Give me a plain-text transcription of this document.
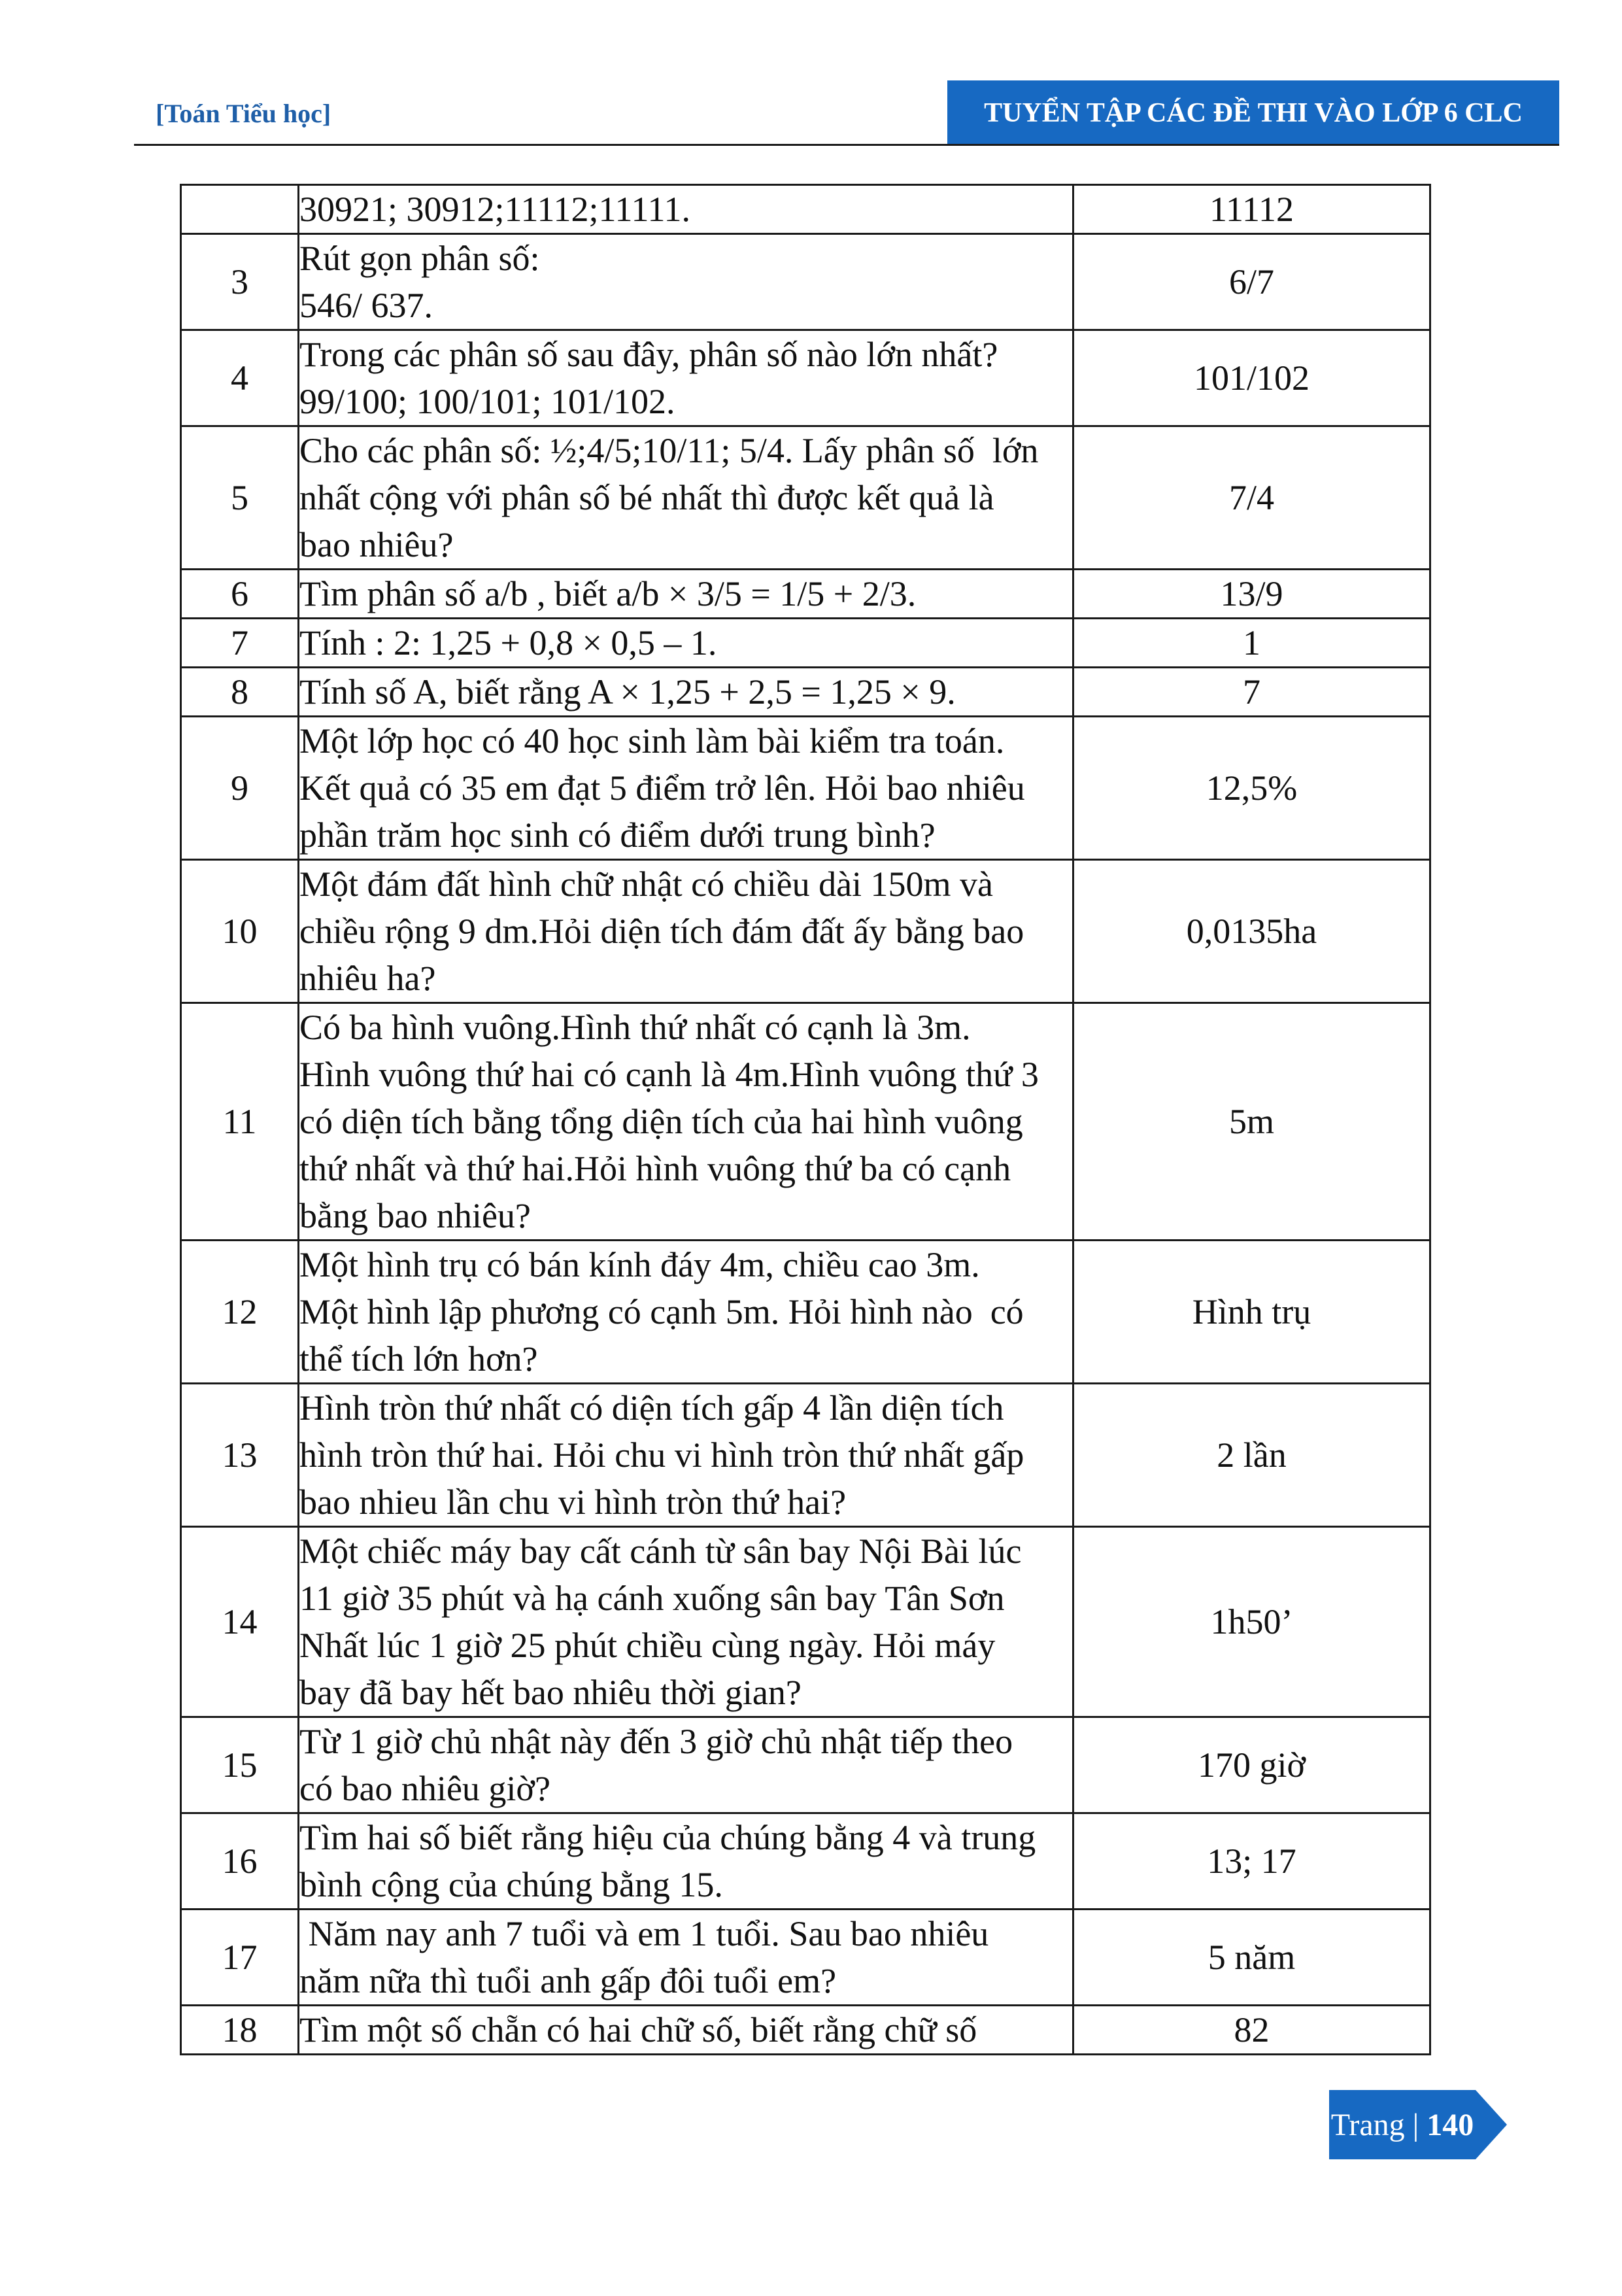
[Toán Tiểu học]	TUYỂN TẬP CÁC ĐỀ THI VÀO LỚP 6 CLC

	30921; 30912;11112;11111.	11112
3	Rút gọn phân số:
546/ 637.	6/7
4	Trong các phân số sau đây, phân số nào lớn nhất?
99/100; 100/101; 101/102.	101/102
5	Cho các phân số: ½;4/5;10/11; 5/4. Lấy phân số  lớn
nhất cộng với phân số bé nhất thì được kết quả là
bao nhiêu?	7/4
6	Tìm phân số a/b , biết a/b × 3/5 = 1/5 + 2/3.	13/9
7	Tính : 2: 1,25 + 0,8 × 0,5 – 1.	1
8	Tính số A, biết rằng A × 1,25 + 2,5 = 1,25 × 9.	7
9	Một lớp học có 40 học sinh làm bài kiểm tra toán.
Kết quả có 35 em đạt 5 điểm trở lên. Hỏi bao nhiêu
phần trăm học sinh có điểm dưới trung bình?	12,5%
10	Một đám đất hình chữ nhật có chiều dài 150m và
chiều rộng 9 dm.Hỏi diện tích đám đất ấy bằng bao
nhiêu ha?	0,0135ha
11	Có ba hình vuông.Hình thứ nhất có cạnh là 3m.
Hình vuông thứ hai có cạnh là 4m.Hình vuông thứ 3
có diện tích bằng tổng diện tích của hai hình vuông
thứ nhất và thứ hai.Hỏi hình vuông thứ ba có cạnh
bằng bao nhiêu?	5m
12	Một hình trụ có bán kính đáy 4m, chiều cao 3m.
Một hình lập phương có cạnh 5m. Hỏi hình nào  có
thể tích lớn hơn?	Hình trụ
13	Hình tròn thứ nhất có diện tích gấp 4 lần diện tích
hình tròn thứ hai. Hỏi chu vi hình tròn thứ nhất gấp
bao nhieu lần chu vi hình tròn thứ hai?	2 lần
14	Một chiếc máy bay cất cánh từ sân bay Nội Bài lúc
11 giờ 35 phút và hạ cánh xuống sân bay Tân Sơn
Nhất lúc 1 giờ 25 phút chiều cùng ngày. Hỏi máy
bay đã bay hết bao nhiêu thời gian?	1h50’
15	Từ 1 giờ chủ nhật này đến 3 giờ chủ nhật tiếp theo
có bao nhiêu giờ?	170 giờ
16	Tìm hai số biết rằng hiệu của chúng bằng 4 và trung
bình cộng của chúng bằng 15.	13; 17
17	Năm nay anh 7 tuổi và em 1 tuổi. Sau bao nhiêu
năm nữa thì tuổi anh gấp đôi tuổi em?	5 năm
18	Tìm một số chẵn có hai chữ số, biết rằng chữ số	82
Trang | 140
